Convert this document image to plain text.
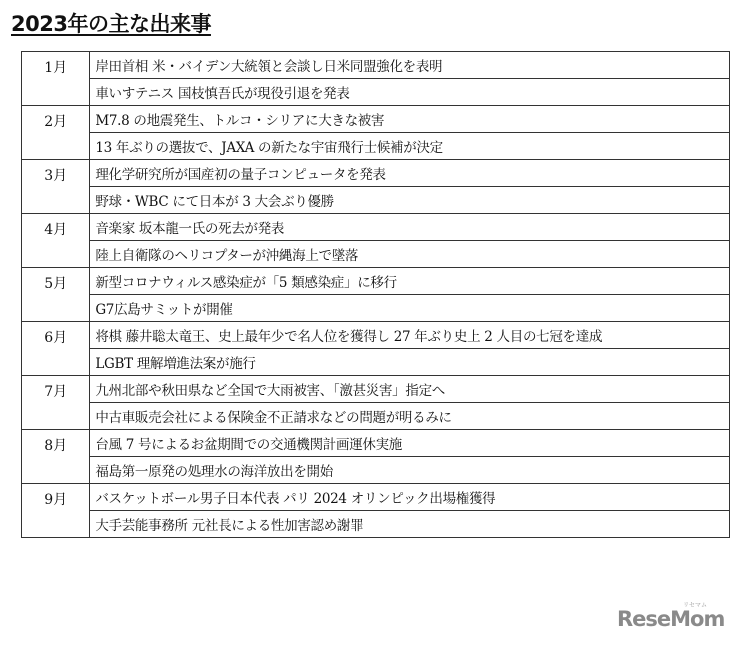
2023年の主な出来事
1月	岸田首相 米・バイデン大統領と会談し日米同盟強化を表明
	車いすテニス 国枝慎吾氏が現役引退を発表
2月	M7.8 の地震発生、トルコ・シリアに大きな被害
	13 年ぶりの選抜で、JAXA の新たな宇宙飛行士候補が決定
3月	理化学研究所が国産初の量子コンピュータを発表
	野球・WBC にて日本が 3 大会ぶり優勝
4月	音楽家 坂本龍一氏の死去が発表
	陸上自衛隊のヘリコプターが沖縄海上で墜落
5月	新型コロナウィルス感染症が「5 類感染症」に移行
	G7広島サミットが開催
6月	将棋 藤井聡太竜王、史上最年少で名人位を獲得し 27 年ぶり史上 2 人目の七冠を達成
	LGBT 理解増進法案が施行
7月	九州北部や秋田県など全国で大雨被害、「激甚災害」指定へ
	中古車販売会社による保険金不正請求などの問題が明るみに
8月	台風 7 号によるお盆期間での交通機関計画運休実施
	福島第一原発の処理水の海洋放出を開始
9月	バスケットボール男子日本代表 パリ 2024 オリンピック出場権獲得
	大手芸能事務所 元社長による性加害認め謝罪
リセマム
ReseMom
